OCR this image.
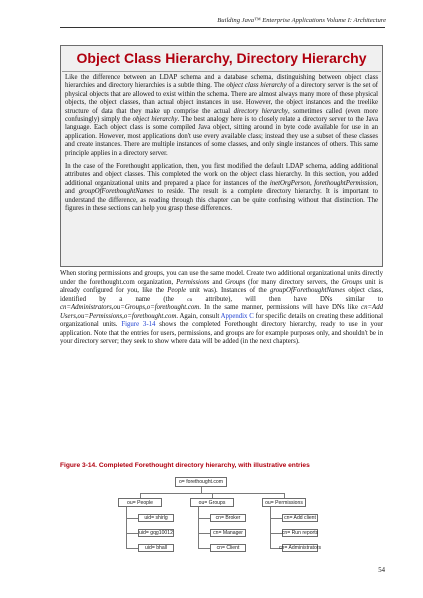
Building Java™ Enterprise Applications Volume I: Architecture
Object Class Hierarchy, Directory Hierarchy

Like the difference between an LDAP schema and a database schema, distinguishing between object class hierarchies and directory hierarchies is a subtle thing. The object class hierarchy of a directory server is the set of physical objects that are allowed to exist within the schema. There are almost always many more of these physical objects, the object classes, than actual object instances in use. However, the object instances and the treelike structure of data that they make up comprise the actual directory hierarchy, sometimes called (even more confusingly) simply the object hierarchy. The best analogy here is to closely relate a directory server to the Java language. Each object class is some compiled Java object, sitting around in byte code available for use in an application. However, most applications don't use every available class; instead they use a subset of these classes and create instances. There are multiple instances of some classes, and only single instances of others. This same principle applies in a directory server.

In the case of the Forethought application, then, you first modified the default LDAP schema, adding additional attributes and object classes. This completed the work on the object class hierarchy. In this section, you added additional organizational units and prepared a place for instances of the inetOrgPerson, forethoughtPermission, and groupOfForethoughtNames to reside. The result is a complete directory hierarchy. It is important to understand the difference, as reading through this chapter can be quite confusing without that distinction. The figures in these sections can help you grasp these differences.

When storing permissions and groups, you can use the same model. Create two additional organizational units directly under the forethought.com organization, Permissions and Groups (for many directory servers, the Groups unit is already configured for you, like the People unit was). Instances of the groupOfForethoughtNames object class, identified by a name (the cn attribute), will then have DNs similar to cn=Administrators,ou=Groups,o=forethought.com. In the same manner, permissions will have DNs like cn=Add Users,ou=Permissions,o=forethought.com. Again, consult Appendix C for specific details on creating these additional organizational units. Figure 3-14 shows the completed Forethought directory hierarchy, ready to use in your application. Note that the entries for users, permissions, and groups are for example purposes only, and shouldn't be in your directory server; they seek to show where data will be added (in the next chapters).

Figure 3-14. Completed Forethought directory hierarchy, with illustrative entries
o= forethought.com
ou= People
uid= shirlg
uid= gqg10012
uid= bhall
ou= Groups
cn= Broker
cn= Manager
cn= Client
ou= Permissions
cn= Add client
cn= Run reports
cn= Administrators
54
